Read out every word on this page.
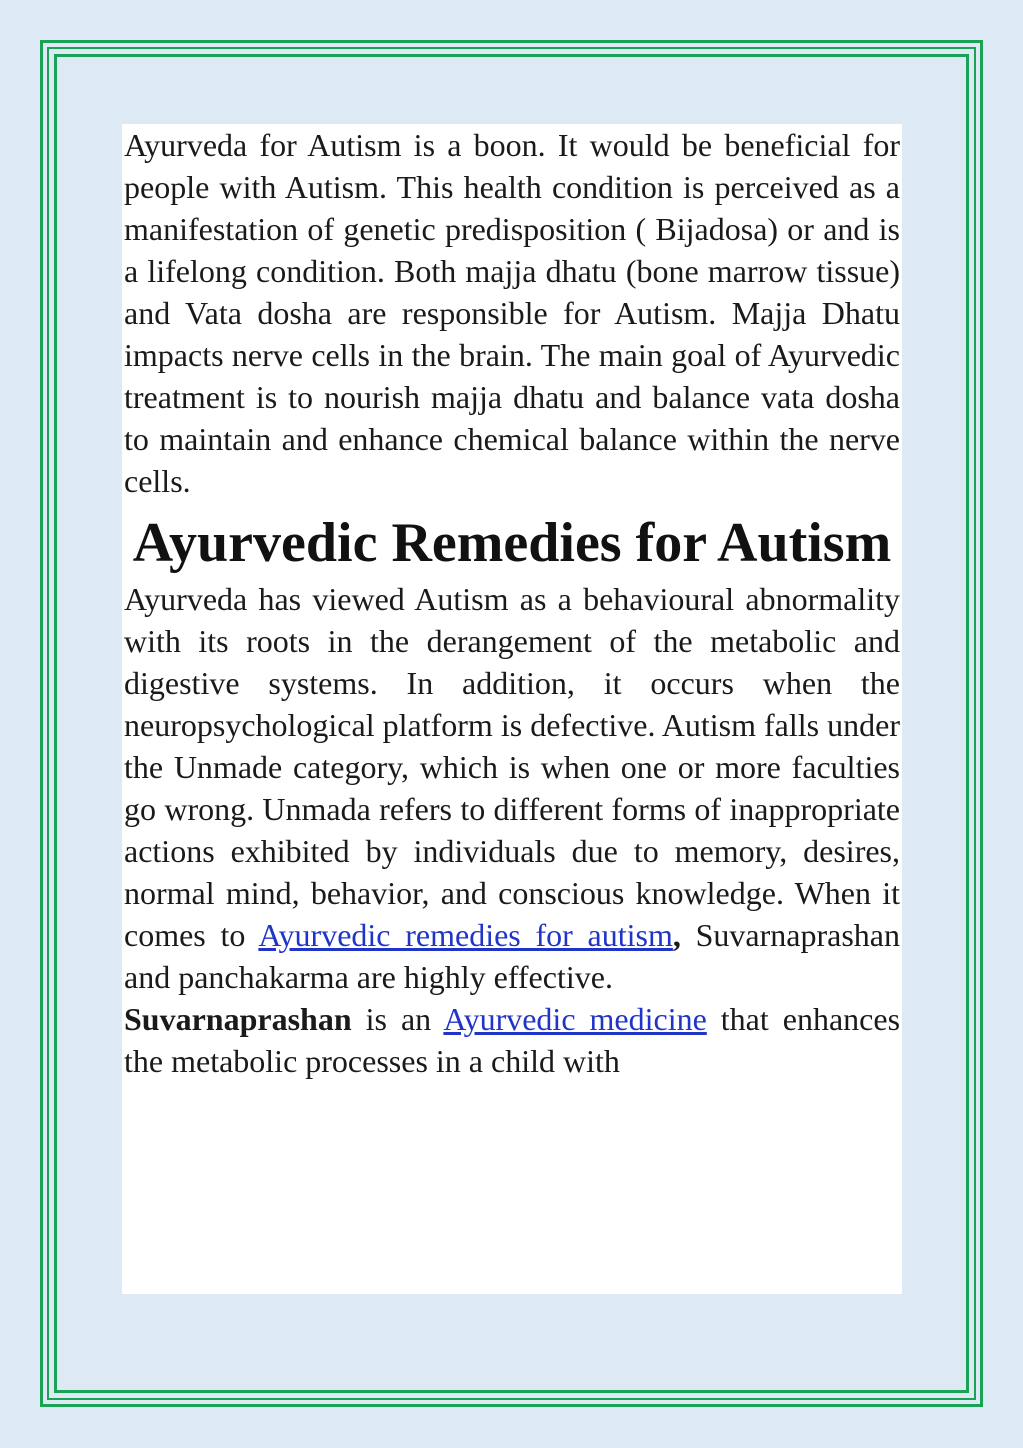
Ayurveda for Autism is a boon. It would be beneficial for people with Autism. This health condition is perceived as a manifestation of genetic predisposition ( Bijadosa) or and is a lifelong condition. Both majja dhatu (bone marrow tissue) and Vata dosha are responsible for Autism. Majja Dhatu impacts nerve cells in the brain. The main goal of Ayurvedic treatment is to nourish majja dhatu and balance vata dosha to maintain and enhance chemical balance within the nerve cells.

Ayurvedic Remedies for Autism

Ayurveda has viewed Autism as a behavioural abnormality with its roots in the derangement of the metabolic and digestive systems. In addition, it occurs when the neuropsychological platform is defective. Autism falls under the Unmade category, which is when one or more faculties go wrong. Unmada refers to different forms of inappropriate actions exhibited by individuals due to memory, desires, normal mind, behavior, and conscious knowledge. When it comes to Ayurvedic remedies for autism, Suvarnaprashan and panchakarma are highly effective.

Suvarnaprashan is an Ayurvedic medicine that enhances the metabolic processes in a child with
